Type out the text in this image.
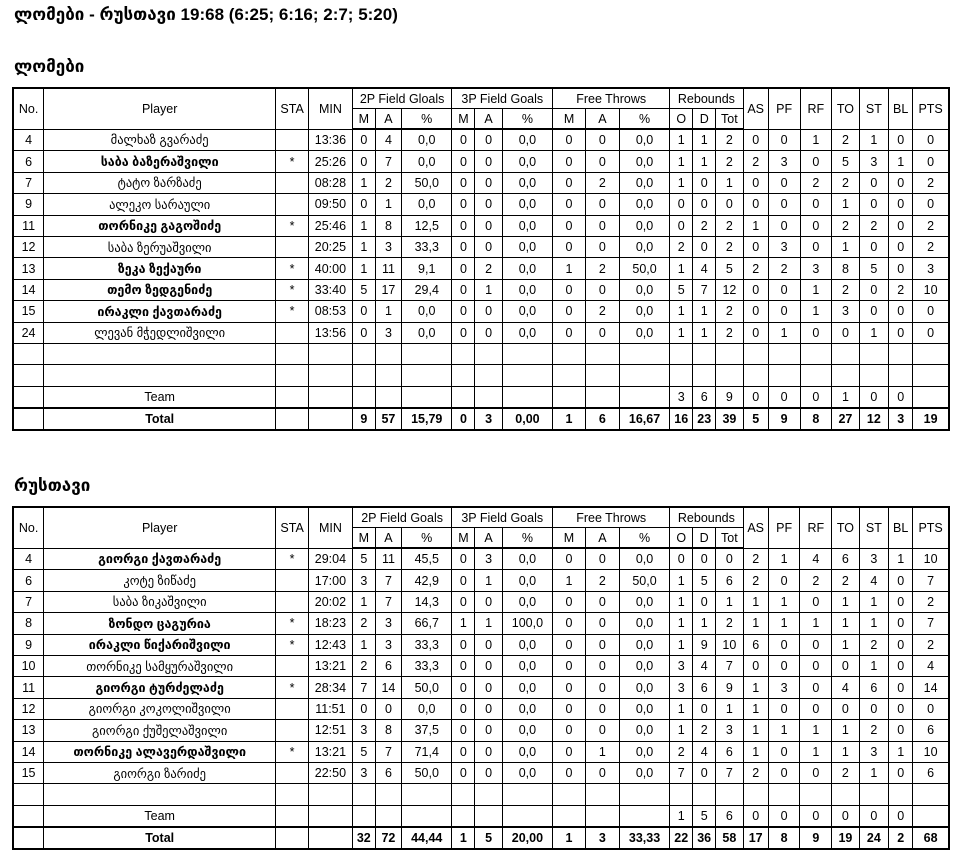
ლომები - რუსთავი 19:68 (6:25; 6:16; 2:7; 5:20)
ლომები
No.	Player	STA	MIN	2P Field Gloals			3P Field Goals			Free Throws			Rebounds			AS	PF	RF	TO	ST	BL	PTS
				M	A	%	M	A	%	M	A	%	O	D	Tot							
4	მალხაზ გვარაძე		13:36	0	4	0,0	0	0	0,0	0	0	0,0	1	1	2	0	0	1	2	1	0	0
6	საბა ბაზერაშვილი	*	25:26	0	7	0,0	0	0	0,0	0	0	0,0	1	1	2	2	3	0	5	3	1	0
7	ტატო ზარზაძე		08:28	1	2	50,0	0	0	0,0	0	2	0,0	1	0	1	0	0	2	2	0	0	2
9	ალეკო სარაული		09:50	0	1	0,0	0	0	0,0	0	0	0,0	0	0	0	0	0	0	1	0	0	0
11	თორნიკე გაგოშიძე	*	25:46	1	8	12,5	0	0	0,0	0	0	0,0	0	2	2	1	0	0	2	2	0	2
12	საბა ზერუაშვილი		20:25	1	3	33,3	0	0	0,0	0	0	0,0	2	0	2	0	3	0	1	0	0	2
13	ზეკა ზექაური	*	40:00	1	11	9,1	0	2	0,0	1	2	50,0	1	4	5	2	2	3	8	5	0	3
14	თემო ზედგენიძე	*	33:40	5	17	29,4	0	1	0,0	0	0	0,0	5	7	12	0	0	1	2	0	2	10
15	ირაკლი ქავთარაძე	*	08:53	0	1	0,0	0	0	0,0	0	2	0,0	1	1	2	0	0	1	3	0	0	0
24	ლევან მჭედლიშვილი		13:56	0	3	0,0	0	0	0,0	0	0	0,0	1	1	2	0	1	0	0	1	0	0

	Team												3	6	9	0	0	0	1	0	0	
	Total			9	57	15,79	0	3	0,00	1	6	16,67	16	23	39	5	9	8	27	12	3	19
რუსთავი
No.	Player	STA	MIN	2P Field Goals			3P Field Goals			Free Throws			Rebounds			AS	PF	RF	TO	ST	BL	PTS
				M	A	%	M	A	%	M	A	%	O	D	Tot							
4	გიორგი ქავთარაძე	*	29:04	5	11	45,5	0	3	0,0	0	0	0,0	0	0	0	2	1	4	6	3	1	10
6	კოტე ზიწაძე		17:00	3	7	42,9	0	1	0,0	1	2	50,0	1	5	6	2	0	2	2	4	0	7
7	საბა ზიკაშვილი		20:02	1	7	14,3	0	0	0,0	0	0	0,0	1	0	1	1	1	0	1	1	0	2
8	ზონდო ცაგურია	*	18:23	2	3	66,7	1	1	100,0	0	0	0,0	1	1	2	1	1	1	1	1	0	7
9	ირაკლი წიქარიშვილი	*	12:43	1	3	33,3	0	0	0,0	0	0	0,0	1	9	10	6	0	0	1	2	0	2
10	თორნიკე სამყურაშვილი		13:21	2	6	33,3	0	0	0,0	0	0	0,0	3	4	7	0	0	0	0	1	0	4
11	გიორგი ტურძელაძე	*	28:34	7	14	50,0	0	0	0,0	0	0	0,0	3	6	9	1	3	0	4	6	0	14
12	გიორგი კოკოლიშვილი		11:51	0	0	0,0	0	0	0,0	0	0	0,0	1	0	1	1	0	0	0	0	0	0
13	გიორგი ქუშელაშვილი		12:51	3	8	37,5	0	0	0,0	0	0	0,0	1	2	3	1	1	1	1	2	0	6
14	თორნიკე ალავერდაშვილი	*	13:21	5	7	71,4	0	0	0,0	0	1	0,0	2	4	6	1	0	1	1	3	1	10
15	გიორგი ზარიძე		22:50	3	6	50,0	0	0	0,0	0	0	0,0	7	0	7	2	0	0	2	1	0	6

	Team												1	5	6	0	0	0	0	0	0	
	Total			32	72	44,44	1	5	20,00	1	3	33,33	22	36	58	17	8	9	19	24	2	68
